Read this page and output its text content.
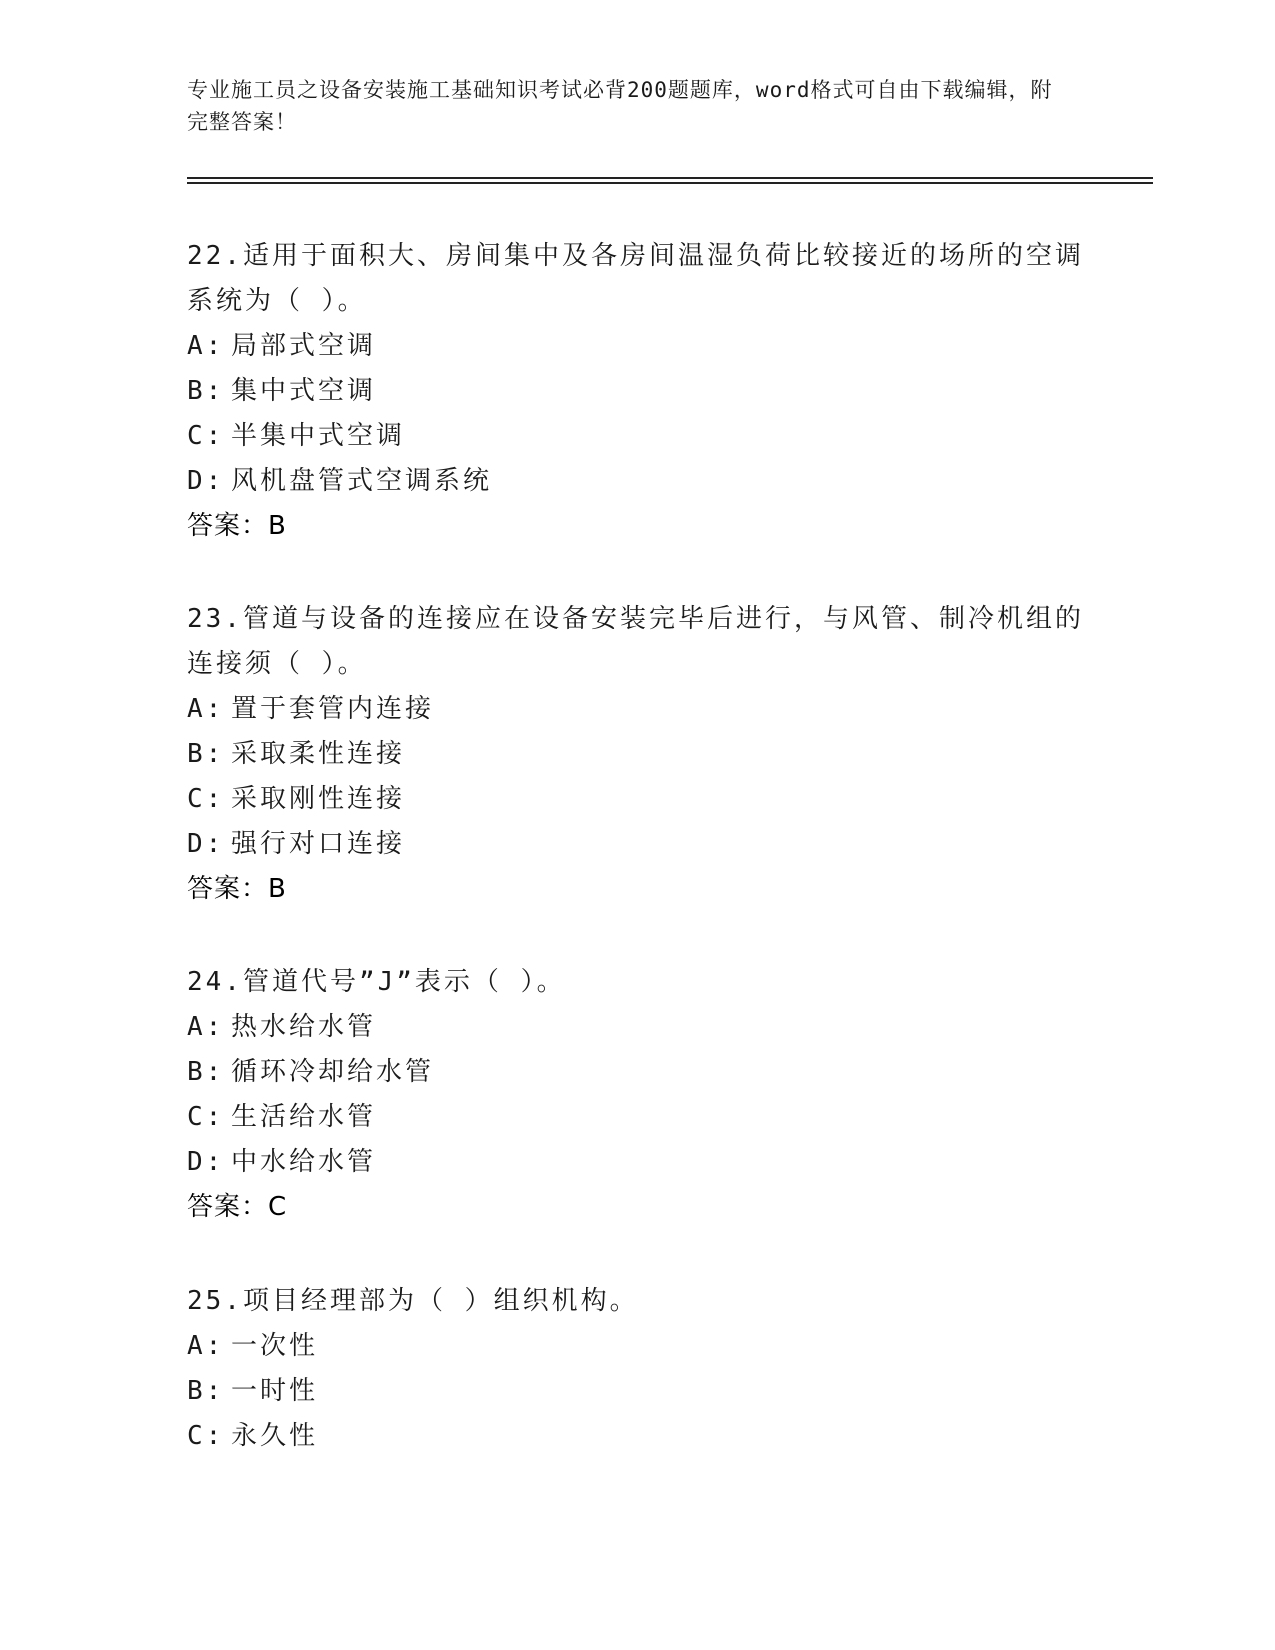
专业施工员之设备安装施工基础知识考试必背200题题库，word格式可自由下载编辑，附完整答案！

22.适用于面积大、房间集中及各房间温湿负荷比较接近的场所的空调系统为（ ）。

A: 局部式空调

B: 集中式空调

C: 半集中式空调

D: 风机盘管式空调系统

答案：B

23.管道与设备的连接应在设备安装完毕后进行，与风管、制冷机组的连接须（ ）。

A: 置于套管内连接

B: 采取柔性连接

C: 采取刚性连接

D: 强行对口连接

答案：B

24.管道代号”J”表示（ ）。

A: 热水给水管

B: 循环冷却给水管

C: 生活给水管

D: 中水给水管

答案：C

25.项目经理部为（ ）组织机构。

A: 一次性

B: 一时性

C: 永久性
